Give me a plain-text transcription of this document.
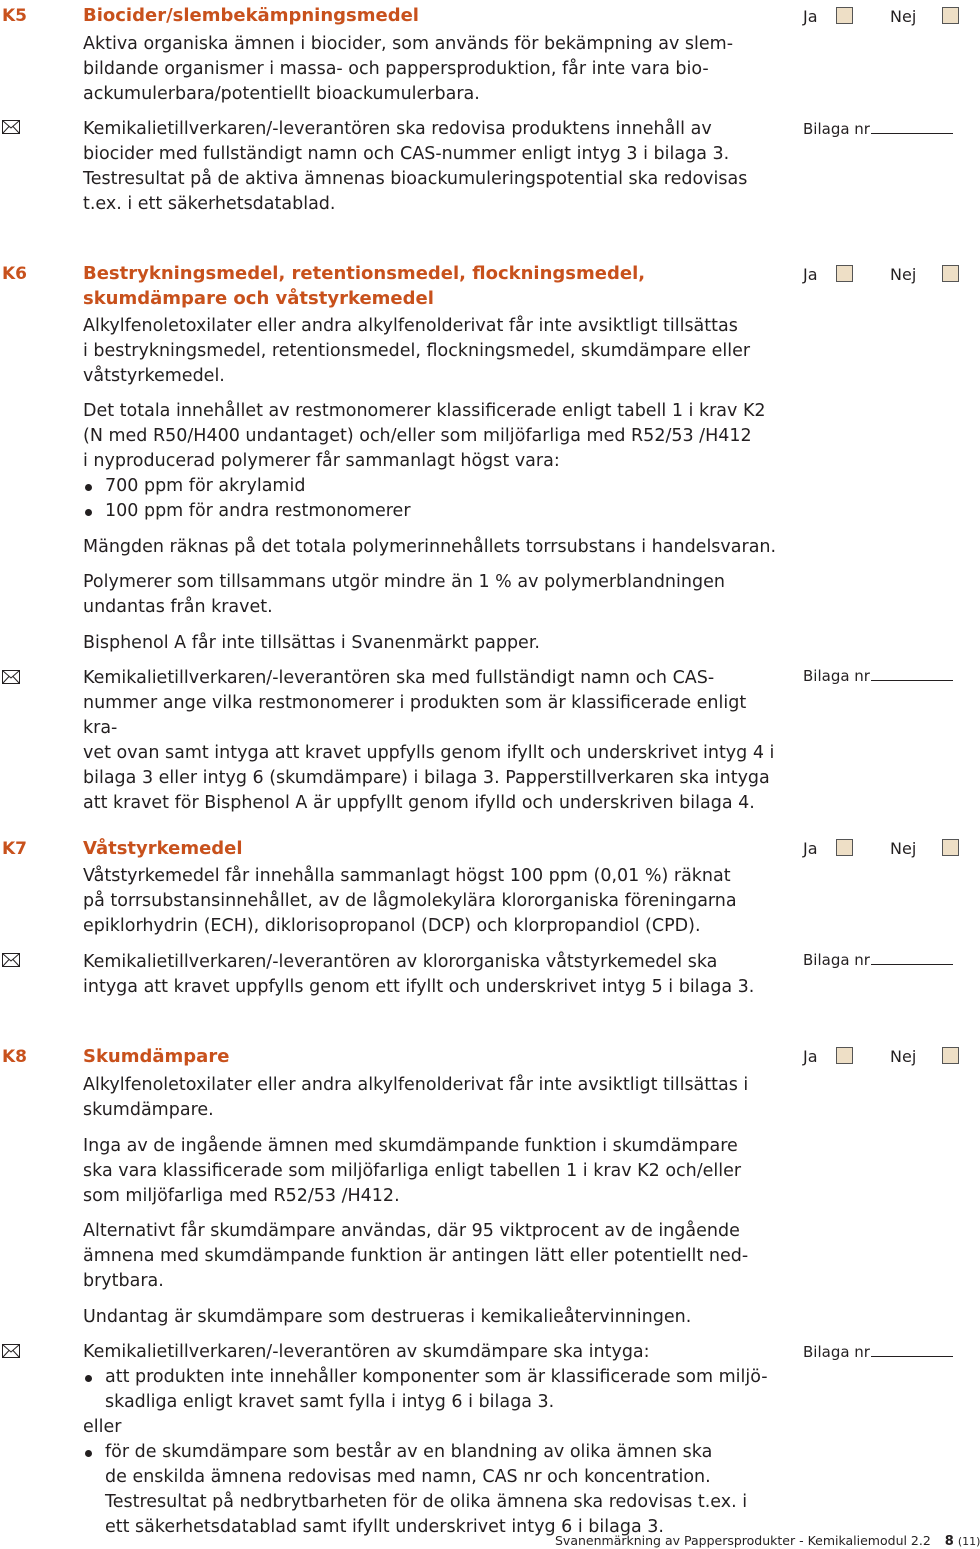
K5	Biocider/slembekämpningsmedel

Aktiva organiska ämnen i biocider, som används för bekämpning av slem-

bildande organismer i massa- och pappersproduktion, får inte vara bio-

ackumulerbara/potentiellt bioackumulerbara.

Kemikalietillverkaren/-leverantören ska redovisa produktens innehåll av

biocider med fullständigt namn och CAS-nummer enligt intyg 3 i bilaga 3.

Testresultat på de aktiva ämnenas bioackumuleringspotential ska redovisas

t.ex. i ett säkerhetsdatablad.

Ja	Nej
Bilaga nr
K6	Bestrykningsmedel, retentionsmedel, flockningsmedel,
skumdämpare och våtstyrkemedel

Alkylfenoletoxilater eller andra alkylfenolderivat får inte avsiktligt tillsättas

i bestrykningsmedel, retentionsmedel, flockningsmedel, skumdämpare eller

våtstyrkemedel.

Det totala innehållet av restmonomerer klassificerade enligt tabell 1 i krav K2

(N med R50/H400 undantaget) och/eller som miljöfarliga med R52/53 /H412

i nyproducerad polymerer får sammanlagt högst vara:

700 ppm för akrylamid
100 ppm för andra restmonomerer
Mängden räknas på det totala polymerinnehållets torrsubstans i handelsvaran.

Polymerer som tillsammans utgör mindre än 1 % av polymerblandningen

undantas från kravet.

Bisphenol A får inte tillsättas i Svanenmärkt papper.

Kemikalietillverkaren/-leverantören ska med fullständigt namn och CAS-

nummer ange vilka restmonomerer i produkten som är klassificerade enligt kra-

vet ovan samt intyga att kravet uppfylls genom ifyllt och underskrivet intyg 4 i

bilaga 3 eller intyg 6 (skumdämpare) i bilaga 3. Papperstillverkaren ska intyga

att kravet för Bisphenol A är uppfyllt genom ifylld och underskriven bilaga 4.

Ja	Nej
Bilaga nr
K7	Våtstyrkemedel

Våtstyrkemedel får innehålla sammanlagt högst 100 ppm (0,01 %) räknat

på torrsubstansinnehållet, av de lågmolekylära klororganiska föreningarna

epiklorhydrin (ECH), diklorisopropanol (DCP) och klorpropandiol (CPD).

Kemikalietillverkaren/-leverantören av klororganiska våtstyrkemedel ska

intyga att kravet uppfylls genom ett ifyllt och underskrivet intyg 5 i bilaga 3.

Ja	Nej
Bilaga nr
K8	Skumdämpare

Alkylfenoletoxilater eller andra alkylfenolderivat får inte avsiktligt tillsättas i

skumdämpare.

Inga av de ingående ämnen med skumdämpande funktion i skumdämpare

ska vara klassificerade som miljöfarliga enligt tabellen 1 i krav K2 och/eller

som miljöfarliga med R52/53 /H412.

Alternativt får skumdämpare användas, där 95 viktprocent av de ingående

ämnena med skumdämpande funktion är antingen lätt eller potentiellt ned-

brytbara.

Undantag är skumdämpare som destrueras i kemikalieåtervinningen.

Kemikalietillverkaren/-leverantören av skumdämpare ska intyga:

att produkten inte innehåller komponenter som är klassificerade som miljö-
skadliga enligt kravet samt fylla i intyg 6 i bilaga 3.

eller

för de skumdämpare som består av en blandning av olika ämnen ska
de enskilda ämnena redovisas med namn, CAS nr och koncentration.
Testresultat på nedbrytbarheten för de olika ämnena ska redovisas t.ex. i
ett säkerhetsdatablad samt ifyllt underskrivet intyg 6 i bilaga 3.
Ja	Nej
Bilaga nr
Svanenmärkning av Pappersprodukter - Kemikaliemodul 2.2 8 (11)
